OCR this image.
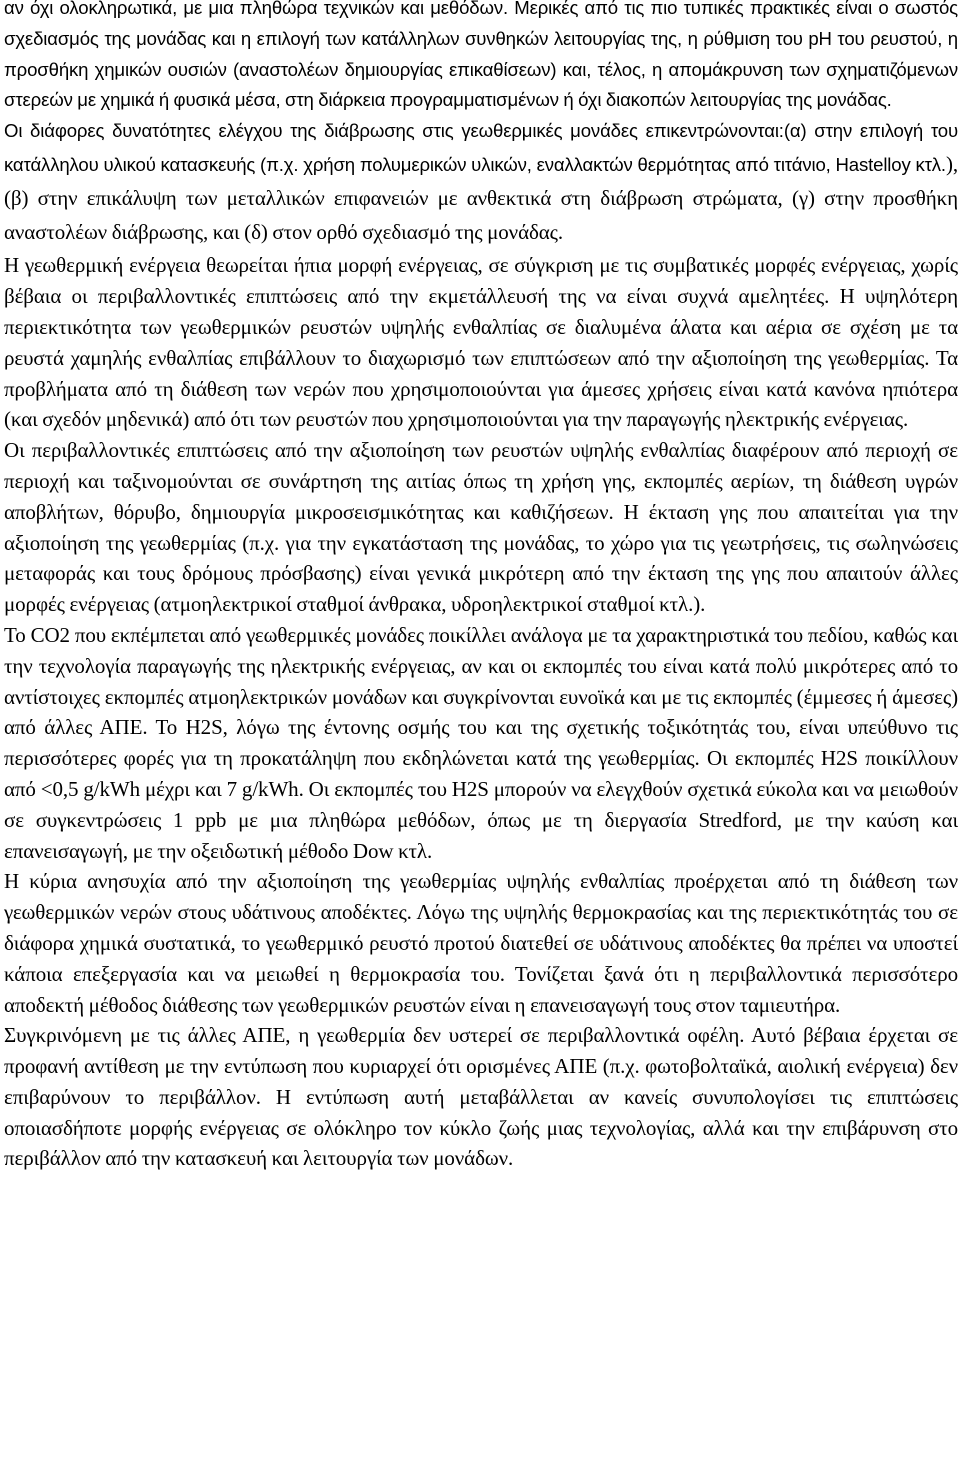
αν όχι ολοκληρωτικά, με μια πληθώρα τεχνικών και μεθόδων. Μερικές από τις πιο τυπικές πρακτικές είναι ο σωστός σχεδιασμός της μονάδας και η επιλογή των κατάλληλων συνθηκών λειτουργίας της, η ρύθμιση του pH του ρευστού, η προσθήκη χημικών ουσιών (αναστολέων δημιουργίας επικαθίσεων) και, τέλος, η απομάκρυνση των σχηματιζόμενων στερεών με χημικά ή φυσικά μέσα, στη διάρκεια προγραμματισμένων ή όχι διακοπών λειτουργίας της μονάδας.

Οι διάφορες δυνατότητες ελέγχου της διάβρωσης στις γεωθερμικές μονάδες επικεντρώνονται:(α) στην επιλογή του κατάλληλου υλικού κατασκευής (π.χ. χρήση πολυμερικών υλικών, εναλλακτών θερμότητας από τιτάνιο, Hastelloy κτλ.), (β) στην επικάλυψη των μεταλλικών επιφανειών με ανθεκτικά στη διάβρωση στρώματα, (γ) στην προσθήκη αναστολέων διάβρωσης, και (δ) στον ορθό σχεδιασμό της μονάδας.

Η γεωθερμική ενέργεια θεωρείται ήπια μορφή ενέργειας, σε σύγκριση με τις συμβατικές μορφές ενέργειας, χωρίς βέβαια οι περιβαλλοντικές επιπτώσεις από την εκμετάλλευσή της να είναι συχνά αμελητέες. Η υψηλότερη περιεκτικότητα των γεωθερμικών ρευστών υψηλής ενθαλπίας σε διαλυμένα άλατα και αέρια σε σχέση με τα ρευστά χαμηλής ενθαλπίας επιβάλλουν το διαχωρισμό των επιπτώσεων από την αξιοποίηση της γεωθερμίας. Τα προβλήματα από τη διάθεση των νερών που χρησιμοποιούνται για άμεσες χρήσεις είναι κατά κανόνα ηπιότερα (και σχεδόν μηδενικά) από ότι των ρευστών που χρησιμοποιούνται για την παραγωγής ηλεκτρικής ενέργειας.

Οι περιβαλλοντικές επιπτώσεις από την αξιοποίηση των ρευστών υψηλής ενθαλπίας διαφέρουν από περιοχή σε περιοχή και ταξινομούνται σε συνάρτηση της αιτίας όπως τη χρήση γης, εκπομπές αερίων, τη διάθεση υγρών αποβλήτων, θόρυβο, δημιουργία μικροσεισμικότητας και καθιζήσεων. Η έκταση γης που απαιτείται για την αξιοποίηση της γεωθερμίας (π.χ. για την εγκατάσταση της μονάδας, το χώρο για τις γεωτρήσεις, τις σωληνώσεις μεταφοράς και τους δρόμους πρόσβασης) είναι γενικά μικρότερη από την έκταση της γης που απαιτούν άλλες μορφές ενέργειας (ατμοηλεκτρικοί σταθμοί άνθρακα, υδροηλεκτρικοί σταθμοί κτλ.).

Το CO2 που εκπέμπεται από γεωθερμικές μονάδες ποικίλλει ανάλογα με τα χαρακτηριστικά του πεδίου, καθώς και την τεχνολογία παραγωγής της ηλεκτρικής ενέργειας, αν και οι εκπομπές του είναι κατά πολύ μικρότερες από το αντίστοιχες εκπομπές ατμοηλεκτρικών μονάδων και συγκρίνονται ευνοϊκά και με τις εκπομπές (έμμεσες ή άμεσες) από άλλες ΑΠΕ. Το H2S, λόγω της έντονης οσμής του και της σχετικής τοξικότητάς του, είναι υπεύθυνο τις περισσότερες φορές για τη προκατάληψη που εκδηλώνεται κατά της γεωθερμίας. Οι εκπομπές H2S ποικίλλουν από <0,5 g/kWh μέχρι και 7 g/kWh. Οι εκπομπές του H2S μπορούν να ελεγχθούν σχετικά εύκολα και να μειωθούν σε συγκεντρώσεις 1 ppb με μια πληθώρα μεθόδων, όπως με τη διεργασία Stredford, με την καύση και επανεισαγωγή, με την οξειδωτική μέθοδο Dow κτλ.

Η κύρια ανησυχία από την αξιοποίηση της γεωθερμίας υψηλής ενθαλπίας προέρχεται από τη διάθεση των γεωθερμικών νερών στους υδάτινους αποδέκτες. Λόγω της υψηλής θερμοκρασίας και της περιεκτικότητάς του σε διάφορα χημικά συστατικά, το γεωθερμικό ρευστό προτού διατεθεί σε υδάτινους αποδέκτες θα πρέπει να υποστεί κάποια επεξεργασία και να μειωθεί η θερμοκρασία του. Τονίζεται ξανά ότι η περιβαλλοντικά περισσότερο αποδεκτή μέθοδος διάθεσης των γεωθερμικών ρευστών είναι η επανεισαγωγή τους στον ταμιευτήρα.

Συγκρινόμενη με τις άλλες ΑΠΕ, η γεωθερμία δεν υστερεί σε περιβαλλοντικά οφέλη. Αυτό βέβαια έρχεται σε προφανή αντίθεση με την εντύπωση που κυριαρχεί ότι ορισμένες ΑΠΕ (π.χ. φωτοβολταϊκά, αιολική ενέργεια) δεν επιβαρύνουν το περιβάλλον. Η εντύπωση αυτή μεταβάλλεται αν κανείς συνυπολογίσει τις επιπτώσεις οποιασδήποτε μορφής ενέργειας σε ολόκληρο τον κύκλο ζωής μιας τεχνολογίας, αλλά και την επιβάρυνση στο περιβάλλον από την κατασκευή και λειτουργία των μονάδων.
